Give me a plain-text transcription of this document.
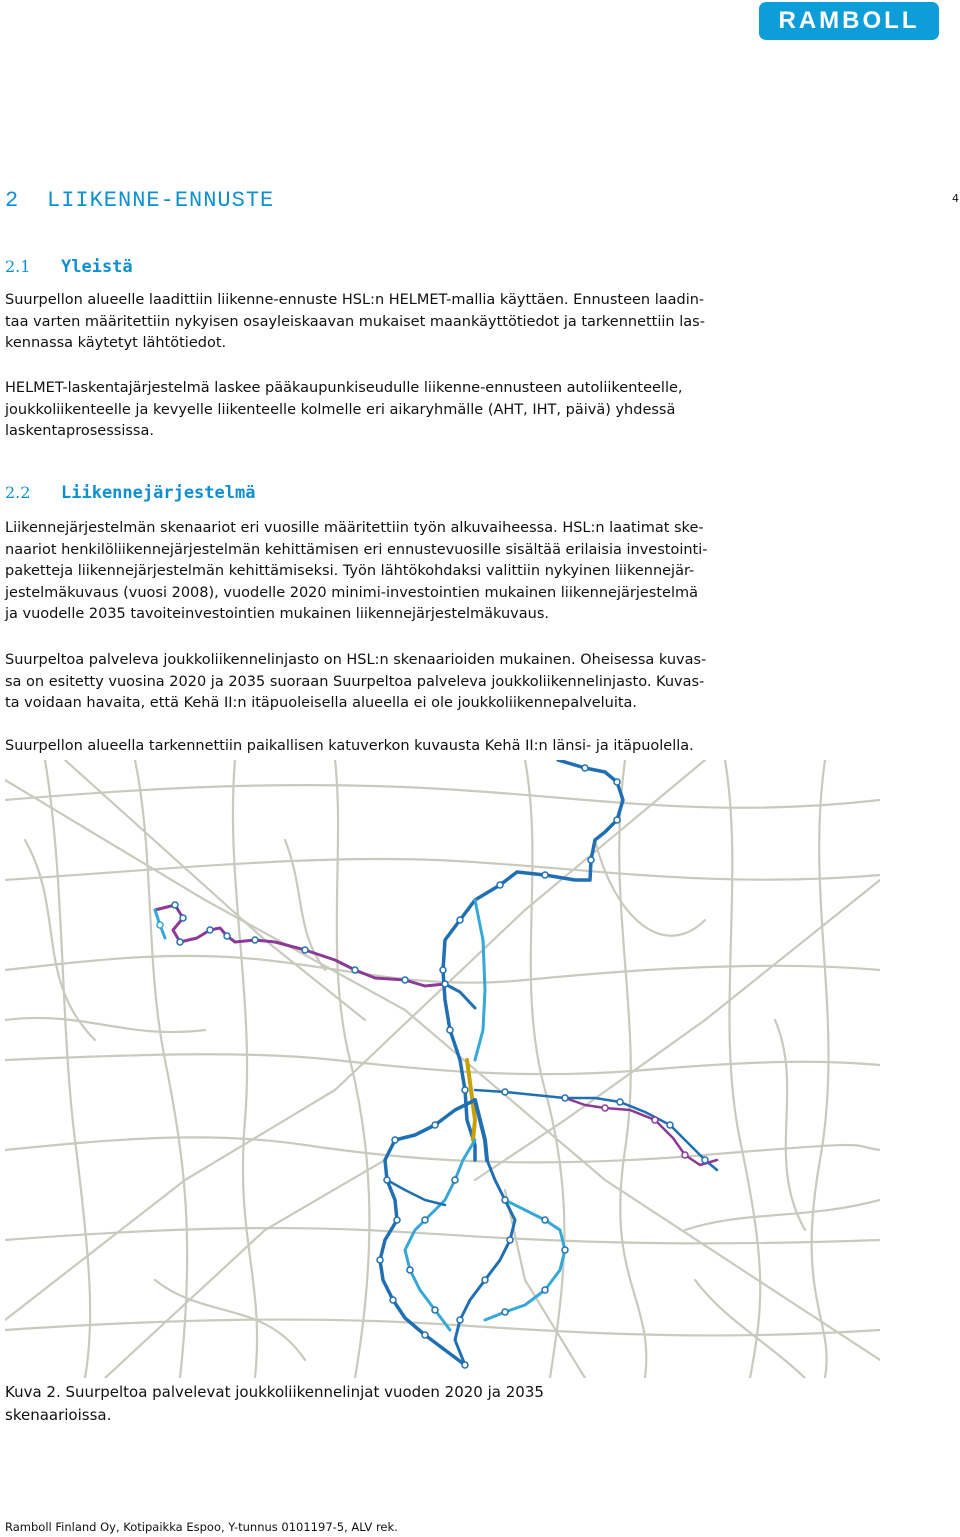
RAMBOLL
4
2 LIIKENNE-ENNUSTE
2.1 Yleistä
Suurpellon alueelle laadittiin liikenne-ennuste HSL:n HELMET-mallia käyttäen. Ennusteen laadin-
taa varten määritettiin nykyisen osayleiskaavan mukaiset maankäyttötiedot ja tarkennettiin las-
kennassa käytetyt lähtötiedot.
HELMET-laskentajärjestelmä laskee pääkaupunkiseudulle liikenne-ennusteen autoliikenteelle,
joukkoliikenteelle ja kevyelle liikenteelle kolmelle eri aikaryhmälle (AHT, IHT, päivä) yhdessä
laskentaprosessissa.
2.2 Liikennejärjestelmä
Liikennejärjestelmän skenaariot eri vuosille määritettiin työn alkuvaiheessa. HSL:n laatimat ske-
naariot henkilöliikennejärjestelmän kehittämisen eri ennustevuosille sisältää erilaisia investointi-
paketteja liikennejärjestelmän kehittämiseksi. Työn lähtökohdaksi valittiin nykyinen liikennejär-
jestelmäkuvaus (vuosi 2008), vuodelle 2020 minimi-investointien mukainen liikennejärjestelmä
ja vuodelle 2035 tavoiteinvestointien mukainen liikennejärjestelmäkuvaus.
Suurpeltoa palveleva joukkoliikennelinjasto on HSL:n skenaarioiden mukainen. Oheisessa kuvas-
sa on esitetty vuosina 2020 ja 2035 suoraan Suurpeltoa palveleva joukkoliikennelinjasto. Kuvas-
ta voidaan havaita, että Kehä II:n itäpuoleisella alueella ei ole joukkoliikennepalveluita.
Suurpellon alueella tarkennettiin paikallisen katuverkon kuvausta Kehä II:n länsi- ja itäpuolella.
Kuva 2. Suurpeltoa palvelevat joukkoliikennelinjat vuoden 2020 ja 2035
skenaarioissa.
Ramboll Finland Oy, Kotipaikka Espoo, Y-tunnus 0101197-5, ALV rek.
